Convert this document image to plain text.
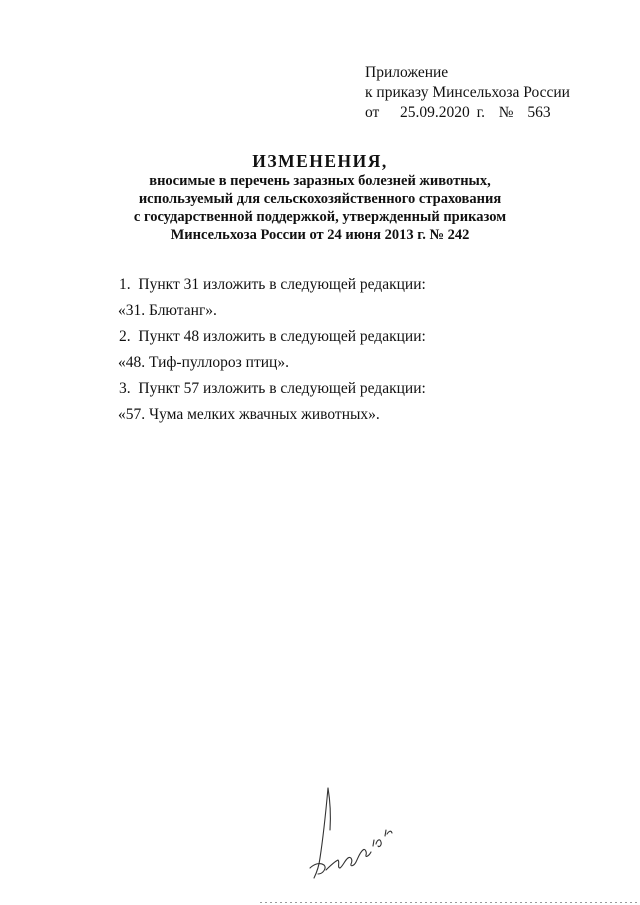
Приложение
к приказу Минсельхоза России
от   25.09.2020 г.  №  563
ИЗМЕНЕНИЯ,
вносимые в перечень заразных болезней животных,
используемый для сельскохозяйственного страхования
с государственной поддержкой, утвержденный приказом
Минсельхоза России от 24 июня 2013 г. № 242
1.  Пункт 31 изложить в следующей редакции:
«31. Блютанг».
2.  Пункт 48 изложить в следующей редакции:
«48. Тиф-пуллороз птиц».
3.  Пункт 57 изложить в следующей редакции:
«57. Чума мелких жвачных животных».
